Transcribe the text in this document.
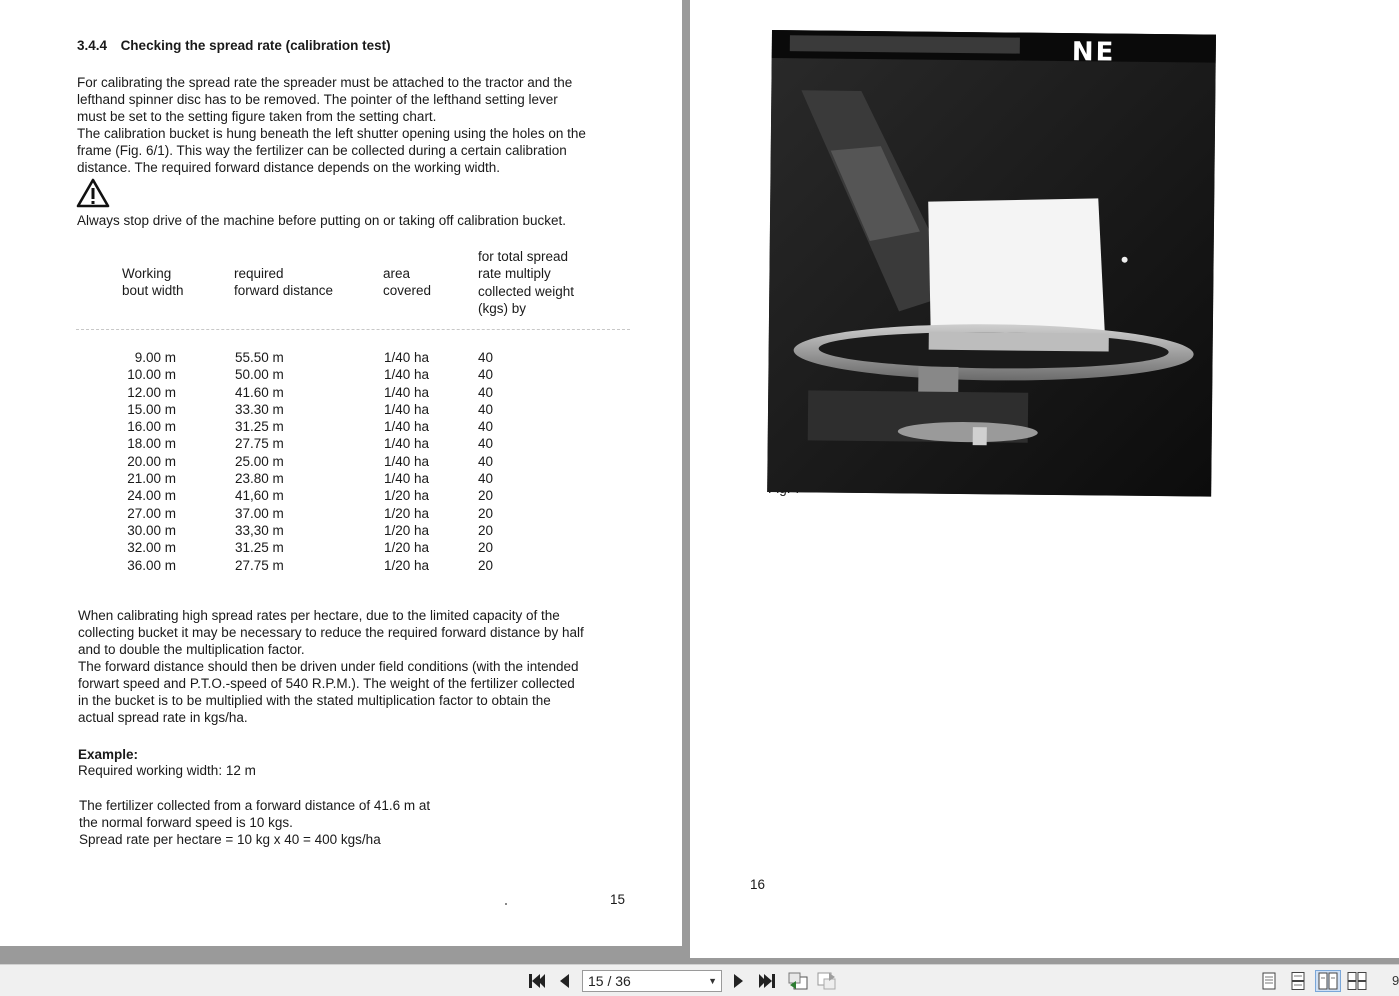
3.4.4 Checking the spread rate (calibration test)

For calibrating the spread rate the spreader must be attached to the tractor and the

lefthand spinner disc has to be removed. The pointer of the lefthand setting lever

must be set to the setting figure taken from the setting chart.

The calibration bucket is hung beneath the left shutter opening using the holes on the

frame (Fig. 6/1). This way the fertilizer can be collected during a certain calibration

distance. The required forward distance depends on the working width.

Always stop drive of the machine before putting on or taking off calibration bucket.
Working
bout width
required
forward distance
area
covered
for total spread
rate multiply
collected weight
(kgs) by
9.00 m
10.00 m
12.00 m
15.00 m
16.00 m
18.00 m
20.00 m
21.00 m
24.00 m
27.00 m
30.00 m
32.00 m
36.00 m
55.50 m
50.00 m
41.60 m
33.30 m
31.25 m
27.75 m
25.00 m
23.80 m
41,60 m
37.00 m
33,30 m
31.25 m
27.75 m
1/40 ha
1/40 ha
1/40 ha
1/40 ha
1/40 ha
1/40 ha
1/40 ha
1/40 ha
1/20 ha
1/20 ha
1/20 ha
1/20 ha
1/20 ha
40
40
40
40
40
40
40
40
20
20
20
20
20

When calibrating high spread rates per hectare, due to the limited capacity of the

collecting bucket it may be necessary to reduce the required forward distance by half

and to double the multiplication factor.

The forward distance should then be driven under field conditions (with the intended

forwart speed and P.T.O.-speed of 540 R.P.M.). The weight of the fertilizer collected

in the bucket is to be multiplied with the stated multiplication factor to obtain the

actual spread rate in kgs/ha.

Example:
Required working width: 12 m

The fertilizer collected from a forward distance of 41.6 m at

the normal forward speed is 10 kgs.

Spread rate per hectare = 10 kg x 40 = 400 kgs/ha

15
16
NE
15 / 36	▼	9
